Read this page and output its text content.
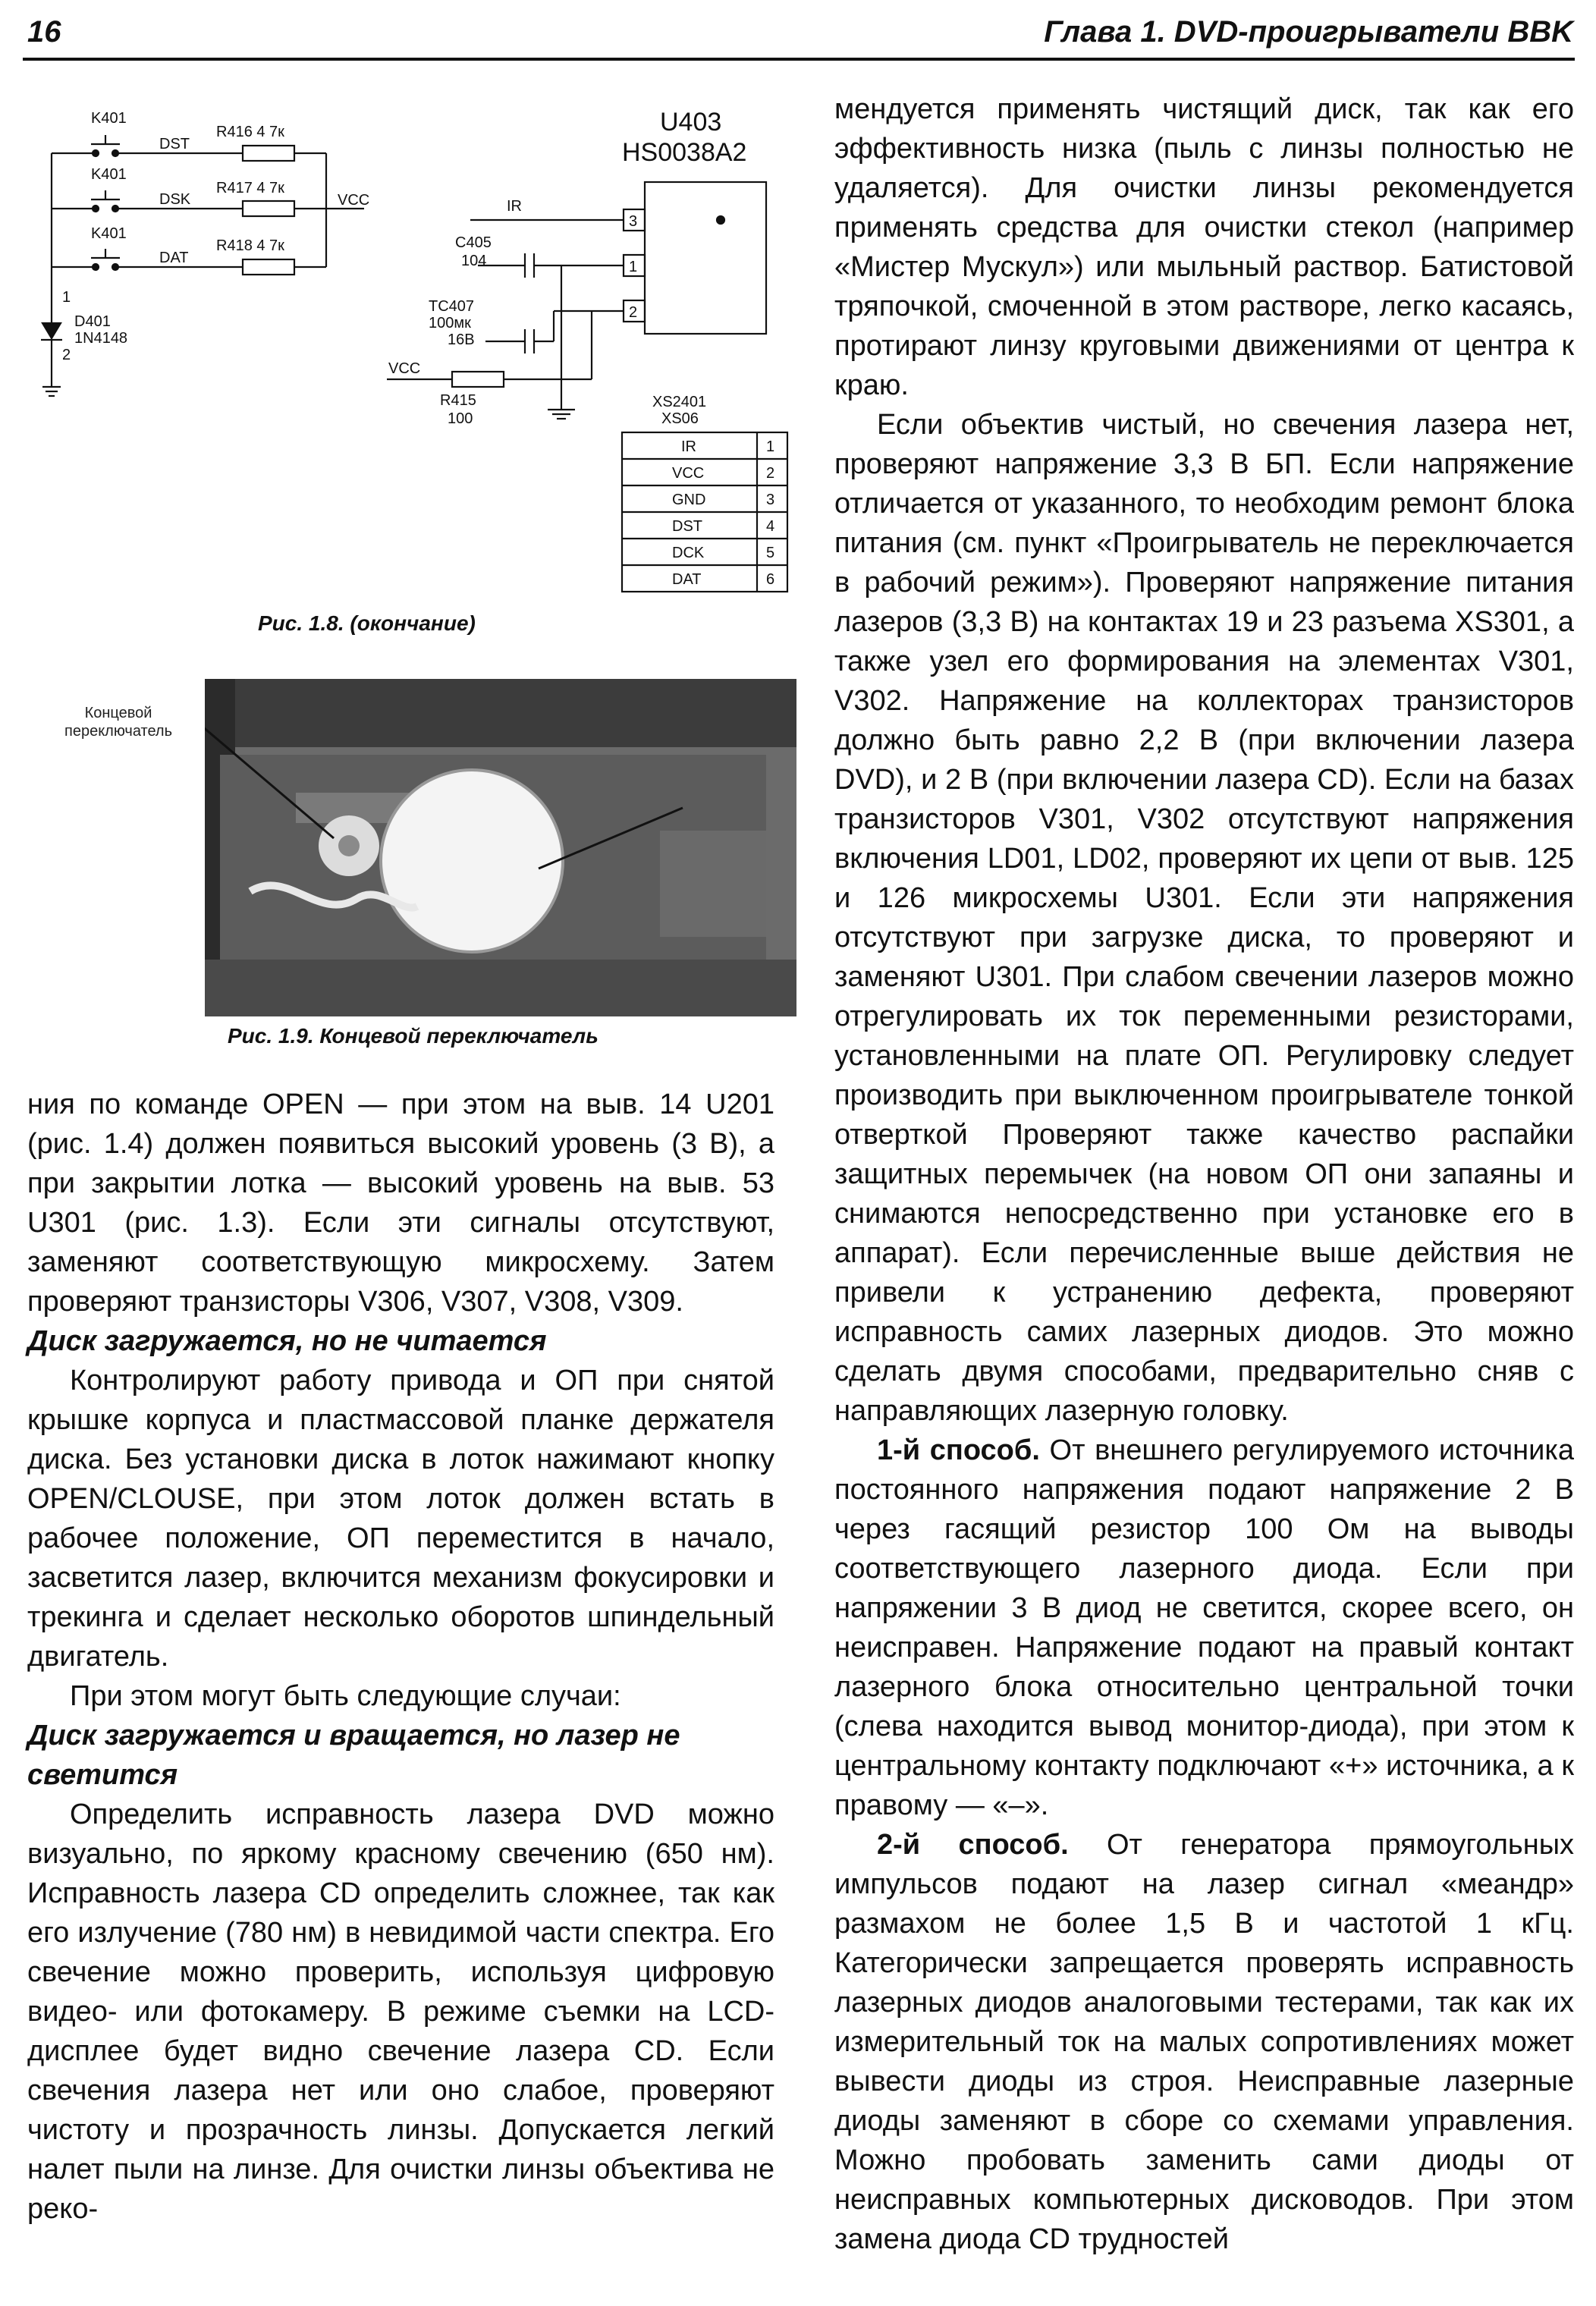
16	Глава 1. DVD-проигрыватели BBK
K401
K401
K401
DST
DSK
DAT
R416 4 7к
R417 4 7к
R418 4 7к
VCC
1
D401
1N4148
2
IR
C405
104
TC407
100мк
16В
VCC
R415
100
3
1
2
XS2401
XS06
IR	1
VCC	2
GND	3
DST	4
DCK	5
DAT	6
U403
HS0038A2
Рис. 1.8. (окончание)
Концевой переключатель
Рис. 1.9. Концевой переключатель

ния по команде OPEN — при этом на выв. 14 U201 (рис. 1.4) должен появиться высокий уровень (3 В), а при закрытии лотка — высокий уровень на выв. 53 U301 (рис. 1.3). Если эти сигналы отсутствуют, заменяют соответствующую микросхему. Затем проверяют транзисторы V306, V307, V308, V309.

Диск загружается, но не читается

Контролируют работу привода и ОП при снятой крышке корпуса и пластмассовой планке держателя диска. Без установки диска в лоток нажимают кнопку OPEN/CLOUSE, при этом лоток должен встать в рабочее положение, ОП переместится в начало, засветится лазер, включится механизм фокусировки и трекинга и сделает несколько оборотов шпиндельный двигатель.

При этом могут быть следующие случаи:

Диск загружается и вращается, но лазер не светится

Определить исправность лазера DVD можно визуально, по яркому красному свечению (650 нм). Исправность лазера CD определить сложнее, так как его излучение (780 нм) в невидимой части спектра. Его свечение можно проверить, используя цифровую видео- или фотокамеру. В режиме съемки на LCD-дисплее будет видно свечение лазера CD. Если свечения лазера нет или оно слабое, проверяют чистоту и прозрачность линзы. Допускается легкий налет пыли на линзе. Для очистки линзы объектива не реко-

мендуется применять чистящий диск, так как его эффективность низка (пыль с линзы полностью не удаляется). Для очистки линзы рекомендуется применять средства для очистки стекол (например «Мистер Мускул») или мыльный раствор. Батистовой тряпочкой, смоченной в этом растворе, легко касаясь, протирают линзу круговыми движениями от центра к краю.

Если объектив чистый, но свечения лазера нет, проверяют напряжение 3,3 В БП. Если напряжение отличается от указанного, то необходим ремонт блока питания (см. пункт «Проигрыватель не переключается в рабочий режим»). Проверяют напряжение питания лазеров (3,3 В) на контактах 19 и 23 разъема XS301, а также узел его формирования на элементах V301, V302. Напряжение на коллекторах транзисторов должно быть равно 2,2 В (при включении лазера DVD), и 2 В (при включении лазера CD). Если на базах транзисторов V301, V302 отсутствуют напряжения включения LD01, LD02, проверяют их цепи от выв. 125 и 126 микросхемы U301. Если эти напряжения отсутствуют при загрузке диска, то проверяют и заменяют U301. При слабом свечении лазеров можно отрегулировать их ток переменными резисторами, установленными на плате ОП. Регулировку следует производить при выключенном проигрывателе тонкой отверткой Проверяют также качество распайки защитных перемычек (на новом ОП они запаяны и снимаются непосредственно при установке его в аппарат). Если перечисленные выше действия не привели к устранению дефекта, проверяют исправность самих лазерных диодов. Это можно сделать двумя способами, предварительно сняв с направляющих лазерную головку.

1-й способ. От внешнего регулируемого источника постоянного напряжения подают напряжение 2 В через гасящий резистор 100 Ом на выводы соответствующего лазерного диода. Если при напряжении 3 В диод не светится, скорее всего, он неисправен. Напряжение подают на правый контакт лазерного блока относительно центральной точки (слева находится вывод монитор-диода), при этом к центральному контакту подключают «+» источника, а к правому — «–».

2-й способ. От генератора прямоугольных импульсов подают на лазер сигнал «меандр» размахом не более 1,5 В и частотой 1 кГц. Категорически запрещается проверять исправность лазерных диодов аналоговыми тестерами, так как их измерительный ток на малых сопротивлениях может вывести диоды из строя. Неисправные лазерные диоды заменяют в сборе со схемами управления. Можно пробовать заменить сами диоды от неисправных компьютерных дисководов. При этом замена диода CD трудностей
